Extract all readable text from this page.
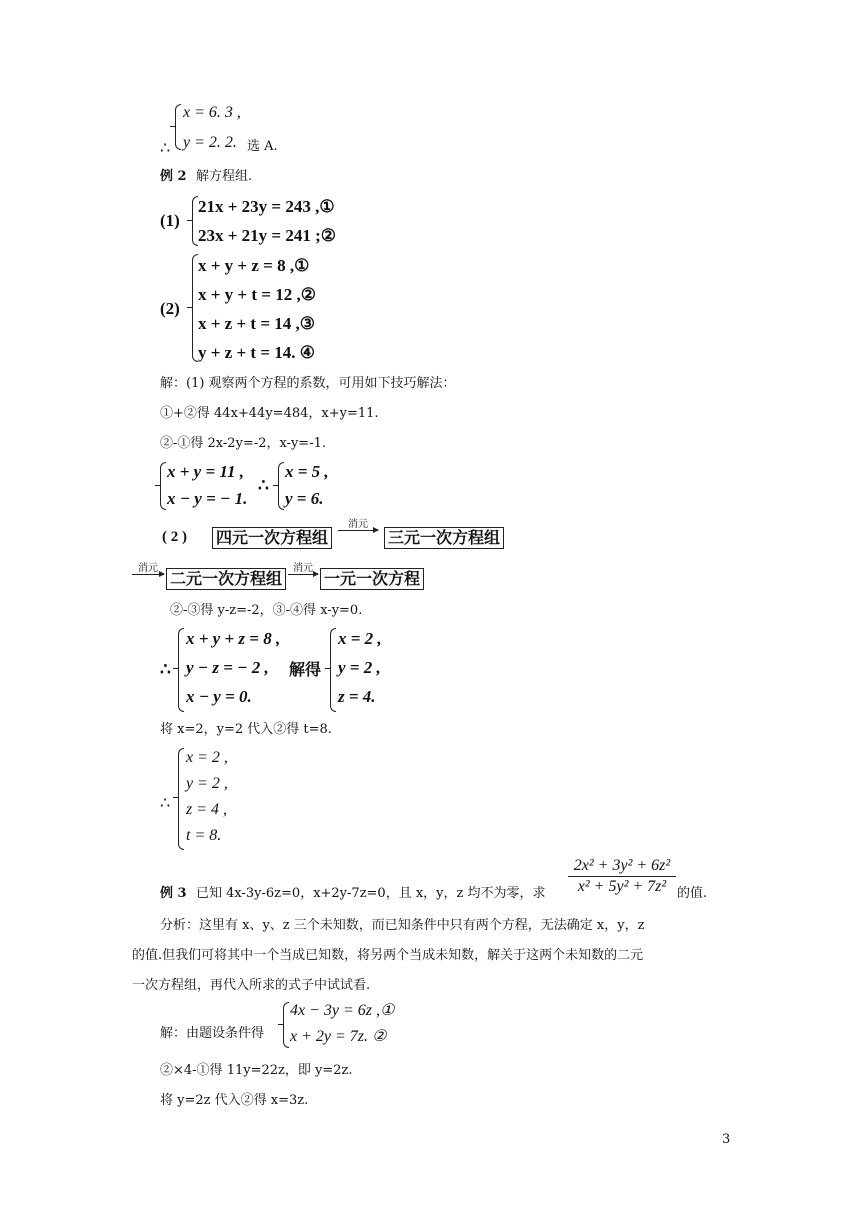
∴
x = 6. 3 ,
y = 2. 2. 选 A.
例 2 解方程组.
(1)
21x + 23y = 243 ,①
23x + 21y = 241 ;②
(2)
x + y + z = 8 ,①
x + y + t = 12 ,②
x + z + t = 14 ,③
y + z + t = 14. ④
解：(1) 观察两个方程的系数，可用如下技巧解法：
①+②得 44x+44y=484，x+y=11.
②-①得 2x-2y=-2，x-y=-1.
x + y = 11 ,
x − y = − 1.
∴
x = 5 ,
y = 6.
( 2 ) 四元一次方程组
消元
三元一次方程组
消元
二元一次方程组
消元
一元一次方程
②-③得 y-z=-2，③-④得 x-y=0.
∴
x + y + z = 8 ,
y − z = − 2 ,
x − y = 0.
解得
x = 2 ,
y = 2 ,
z = 4.
将 x=2，y=2 代入②得 t=8.
∴
x = 2 ,
y = 2 ,
z = 4 ,
t = 8.
2x² + 3y² + 6z²
x² + 5y² + 7z²
例 3 已知 4x-3y-6z=0，x+2y-7z=0，且 x，y，z 均不为零，求	的值.
分析：这里有 x、y、z 三个未知数，而已知条件中只有两个方程，无法确定 x，y，z
的值.但我们可将其中一个当成已知数，将另两个当成未知数，解关于这两个未知数的二元
一次方程组，再代入所求的式子中试试看.
解：由题设条件得
4x − 3y = 6z ,①
x + 2y = 7z. ②
②×4-①得 11y=22z，即 y=2z.
将 y=2z 代入②得 x=3z.
3
